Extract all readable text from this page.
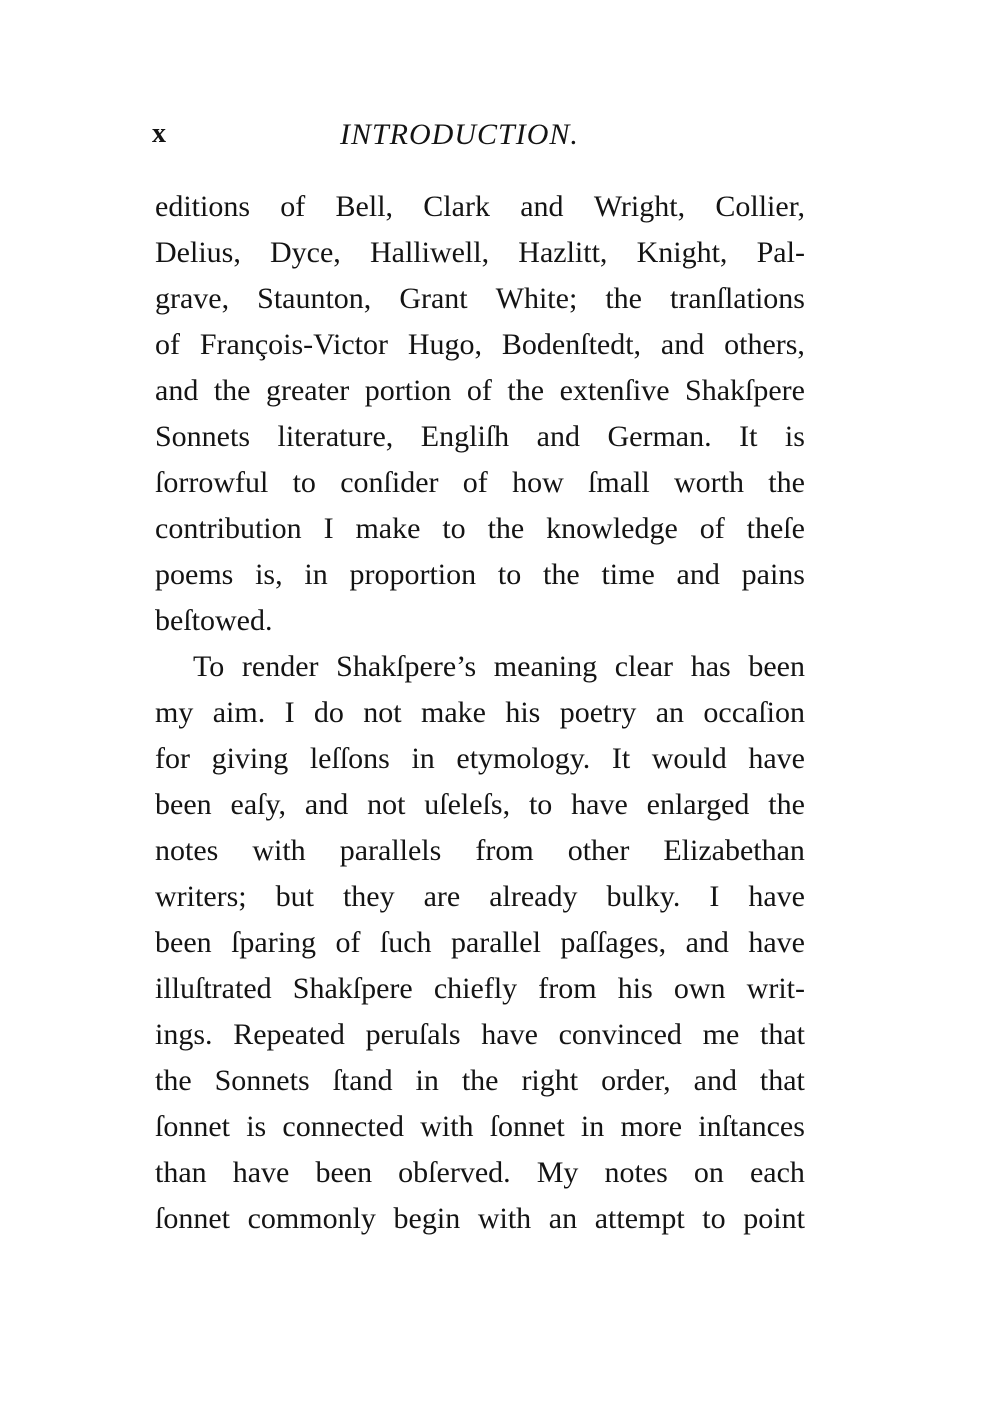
x	INTRODUCTION.
editions of Bell, Clark and Wright, Collier,
Delius, Dyce, Halliwell, Hazlitt, Knight, Pal-
grave, Staunton, Grant White; the tranſlations
of François-Victor Hugo, Bodenſtedt, and others,
and the greater portion of the extenſive Shakſpere
Sonnets literature, Engliſh and German. It is
ſorrowful to conſider of how ſmall worth the
contribution I make to the knowledge of theſe
poems is, in proportion to the time and pains
beſtowed.
To render Shakſpere’s meaning clear has been
my aim. I do not make his poetry an occaſion
for giving leſſons in etymology. It would have
been eaſy, and not uſeleſs, to have enlarged the
notes with parallels from other Elizabethan
writers; but they are already bulky. I have
been ſparing of ſuch parallel paſſages, and have
illuſtrated Shakſpere chiefly from his own writ-
ings. Repeated peruſals have convinced me that
the Sonnets ſtand in the right order, and that
ſonnet is connected with ſonnet in more inſtances
than have been obſerved. My notes on each
ſonnet commonly begin with an attempt to point
